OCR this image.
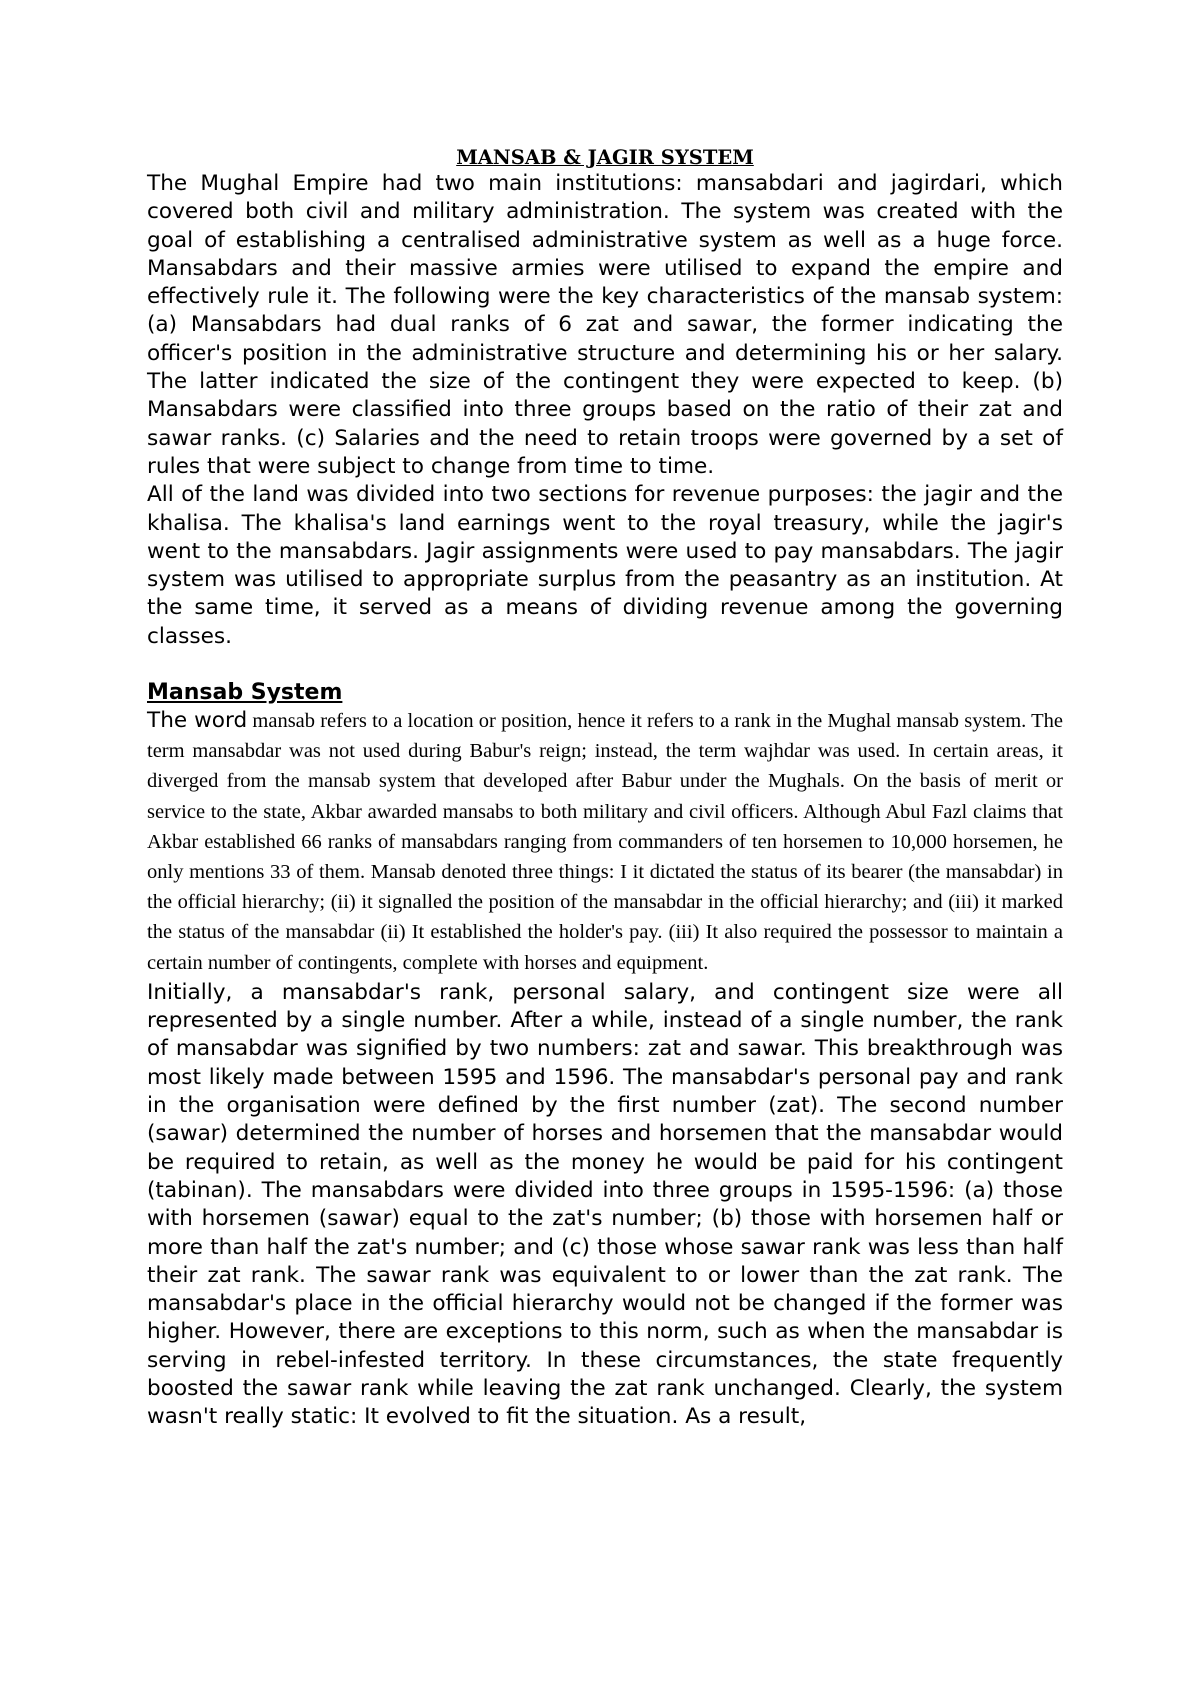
MANSAB & JAGIR SYSTEM

The Mughal Empire had two main institutions: mansabdari and jagirdari, which covered both civil and military administration. The system was created with the goal of establishing a centralised administrative system as well as a huge force. Mansabdars and their massive armies were utilised to expand the empire and effectively rule it. The following were the key characteristics of the mansab system: (a) Mansabdars had dual ranks of 6 zat and sawar, the former indicating the officer's position in the administrative structure and determining his or her salary. The latter indicated the size of the contingent they were expected to keep. (b) Mansabdars were classified into three groups based on the ratio of their zat and sawar ranks. (c) Salaries and the need to retain troops were governed by a set of rules that were subject to change from time to time.

All of the land was divided into two sections for revenue purposes: the jagir and the khalisa. The khalisa's land earnings went to the royal treasury, while the jagir's went to the mansabdars. Jagir assignments were used to pay mansabdars. The jagir system was utilised to appropriate surplus from the peasantry as an institution. At the same time, it served as a means of dividing revenue among the governing classes.

Mansab System

The word mansab refers to a location or position, hence it refers to a rank in the Mughal mansab system. The term mansabdar was not used during Babur's reign; instead, the term wajhdar was used. In certain areas, it diverged from the mansab system that developed after Babur under the Mughals. On the basis of merit or service to the state, Akbar awarded mansabs to both military and civil officers. Although Abul Fazl claims that Akbar established 66 ranks of mansabdars ranging from commanders of ten horsemen to 10,000 horsemen, he only mentions 33 of them. Mansab denoted three things: I it dictated the status of its bearer (the mansabdar) in the official hierarchy; (ii) it signalled the position of the mansabdar in the official hierarchy; and (iii) it marked the status of the mansabdar (ii) It established the holder's pay. (iii) It also required the possessor to maintain a certain number of contingents, complete with horses and equipment.

Initially, a mansabdar's rank, personal salary, and contingent size were all represented by a single number. After a while, instead of a single number, the rank of mansabdar was signified by two numbers: zat and sawar. This breakthrough was most likely made between 1595 and 1596. The mansabdar's personal pay and rank in the organisation were defined by the first number (zat). The second number (sawar) determined the number of horses and horsemen that the mansabdar would be required to retain, as well as the money he would be paid for his contingent (tabinan). The mansabdars were divided into three groups in 1595-1596: (a) those with horsemen (sawar) equal to the zat's number; (b) those with horsemen half or more than half the zat's number; and (c) those whose sawar rank was less than half their zat rank. The sawar rank was equivalent to or lower than the zat rank. The mansabdar's place in the official hierarchy would not be changed if the former was higher. However, there are exceptions to this norm, such as when the mansabdar is serving in rebel-infested territory. In these circumstances, the state frequently boosted the sawar rank while leaving the zat rank unchanged. Clearly, the system wasn't really static: It evolved to fit the situation. As a result,
